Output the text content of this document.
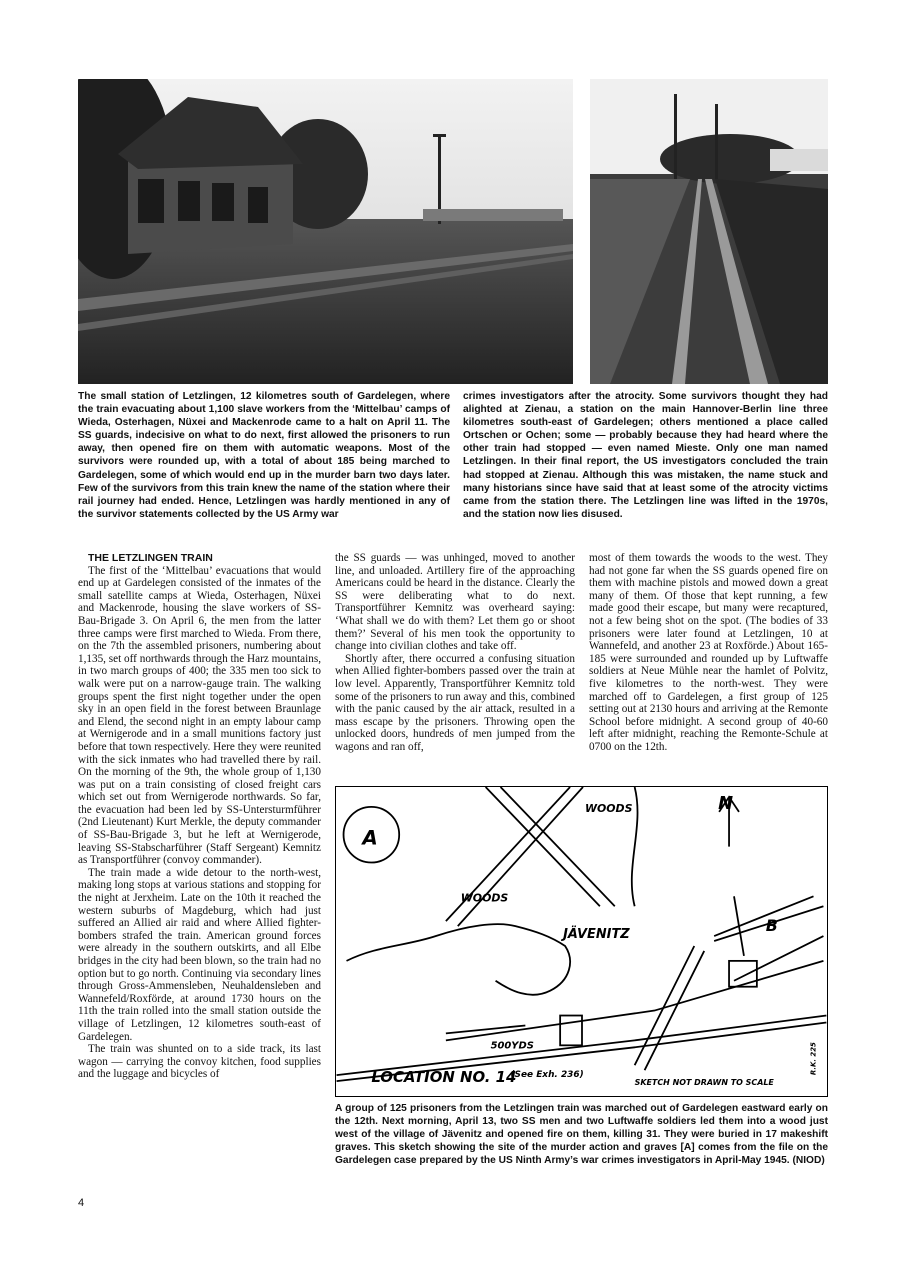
The small station of Letzlingen, 12 kilometres south of Gardelegen, where the train evacuating about 1,100 slave workers from the ‘Mittelbau’ camps of Wieda, Osterhagen, Nüxei and Mackenrode came to a halt on April 11. The SS guards, indecisive on what to do next, first allowed the prisoners to run away, then opened fire on them with automatic weapons. Most of the survivors were rounded up, with a total of about 185 being marched to Gardelegen, some of which would end up in the murder barn two days later. Few of the survivors from this train knew the name of the station where their rail journey had ended. Hence, Letzlingen was hardly mentioned in any of the survivor statements collected by the US Army war

crimes investigators after the atrocity. Some survivors thought they had alighted at Zienau, a station on the main Hannover-Berlin line three kilometres south-east of Gardelegen; others mentioned a place called Ortschen or Ochen; some — probably because they had heard where the other train had stopped — even named Mieste. Only one man named Letzlingen. In their final report, the US investigators concluded the train had stopped at Zienau. Although this was mistaken, the name stuck and many historians since have said that at least some of the atrocity victims came from the station there. The Letzlingen line was lifted in the 1970s, and the station now lies disused.

THE LETZLINGEN TRAIN

The first of the ‘Mittelbau’ evacuations that would end up at Gardelegen consisted of the inmates of the small satellite camps at Wieda, Osterhagen, Nüxei and Mackenrode, housing the slave workers of SS-Bau-Brigade 3. On April 6, the men from the latter three camps were first marched to Wieda. From there, on the 7th the assembled prisoners, numbering about 1,135, set off northwards through the Harz mountains, in two march groups of 400; the 335 men too sick to walk were put on a narrow-gauge train. The walking groups spent the first night together under the open sky in an open field in the forest between Braunlage and Elend, the second night in an empty labour camp at Wernigerode and in a small munitions factory just before that town respectively. Here they were reunited with the sick inmates who had travelled there by rail. On the morning of the 9th, the whole group of 1,130 was put on a train consisting of closed freight cars which set out from Wernigerode northwards. So far, the evacuation had been led by SS-Untersturmführer (2nd Lieutenant) Kurt Merkle, the deputy commander of SS-Bau-Brigade 3, but he left at Wernigerode, leaving SS-Stabscharführer (Staff Sergeant) Kemnitz as Transportführer (convoy commander).

The train made a wide detour to the north-west, making long stops at various stations and stopping for the night at Jerxheim. Late on the 10th it reached the western suburbs of Magdeburg, which had just suffered an Allied air raid and where Allied fighter-bombers strafed the train. American ground forces were already in the southern outskirts, and all Elbe bridges in the city had been blown, so the train had no option but to go north. Continuing via secondary lines through Gross-Ammensleben, Neuhaldensleben and Wannefeld/Roxförde, at around 1730 hours on the 11th the train rolled into the small station outside the village of Letzlingen, 12 kilometres south-east of Gardelegen.

The train was shunted on to a side track, its last wagon — carrying the convoy kitchen, food supplies and the luggage and bicycles of

the SS guards — was unhinged, moved to another line, and unloaded. Artillery fire of the approaching Americans could be heard in the distance. Clearly the SS were deliberating what to do next. Transportführer Kemnitz was overheard saying: ‘What shall we do with them? Let them go or shoot them?’ Several of his men took the opportunity to change into civilian clothes and take off.

Shortly after, there occurred a confusing situation when Allied fighter-bombers passed over the train at low level. Apparently, Transportführer Kemnitz told some of the prisoners to run away and this, combined with the panic caused by the air attack, resulted in a mass escape by the prisoners. Throwing open the unlocked doors, hundreds of men jumped from the wagons and ran off,

most of them towards the woods to the west. They had not gone far when the SS guards opened fire on them with machine pistols and mowed down a great many of them. Of those that kept running, a few made good their escape, but many were recaptured, not a few being shot on the spot. (The bodies of 33 prisoners were later found at Letzlingen, 10 at Wannefeld, and another 23 at Roxförde.) About 165-185 were surrounded and rounded up by Luftwaffe soldiers at Neue Mühle near the hamlet of Polvitz, five kilometres to the north-west. They were marched off to Gardelegen, a first group of 125 setting out at 2130 hours and arriving at the Remonte School before midnight. A second group of 40-60 left after midnight, reaching the Remonte-Schule at 0700 on the 12th.

A
B
N
WOODS
WOODS
JÄVENITZ
500YDS
LOCATION NO. 14
(See Exh. 236)
SKETCH NOT DRAWN TO SCALE
R.K. 225

A group of 125 prisoners from the Letzlingen train was marched out of Gardelegen eastward early on the 12th. Next morning, April 13, two SS men and two Luftwaffe soldiers led them into a wood just west of the village of Jävenitz and opened fire on them, killing 31. They were buried in 17 makeshift graves. This sketch showing the site of the murder action and graves [A] comes from the file on the Gardelegen case prepared by the US Ninth Army’s war crimes investigators in April-May 1945. (NIOD)

4
